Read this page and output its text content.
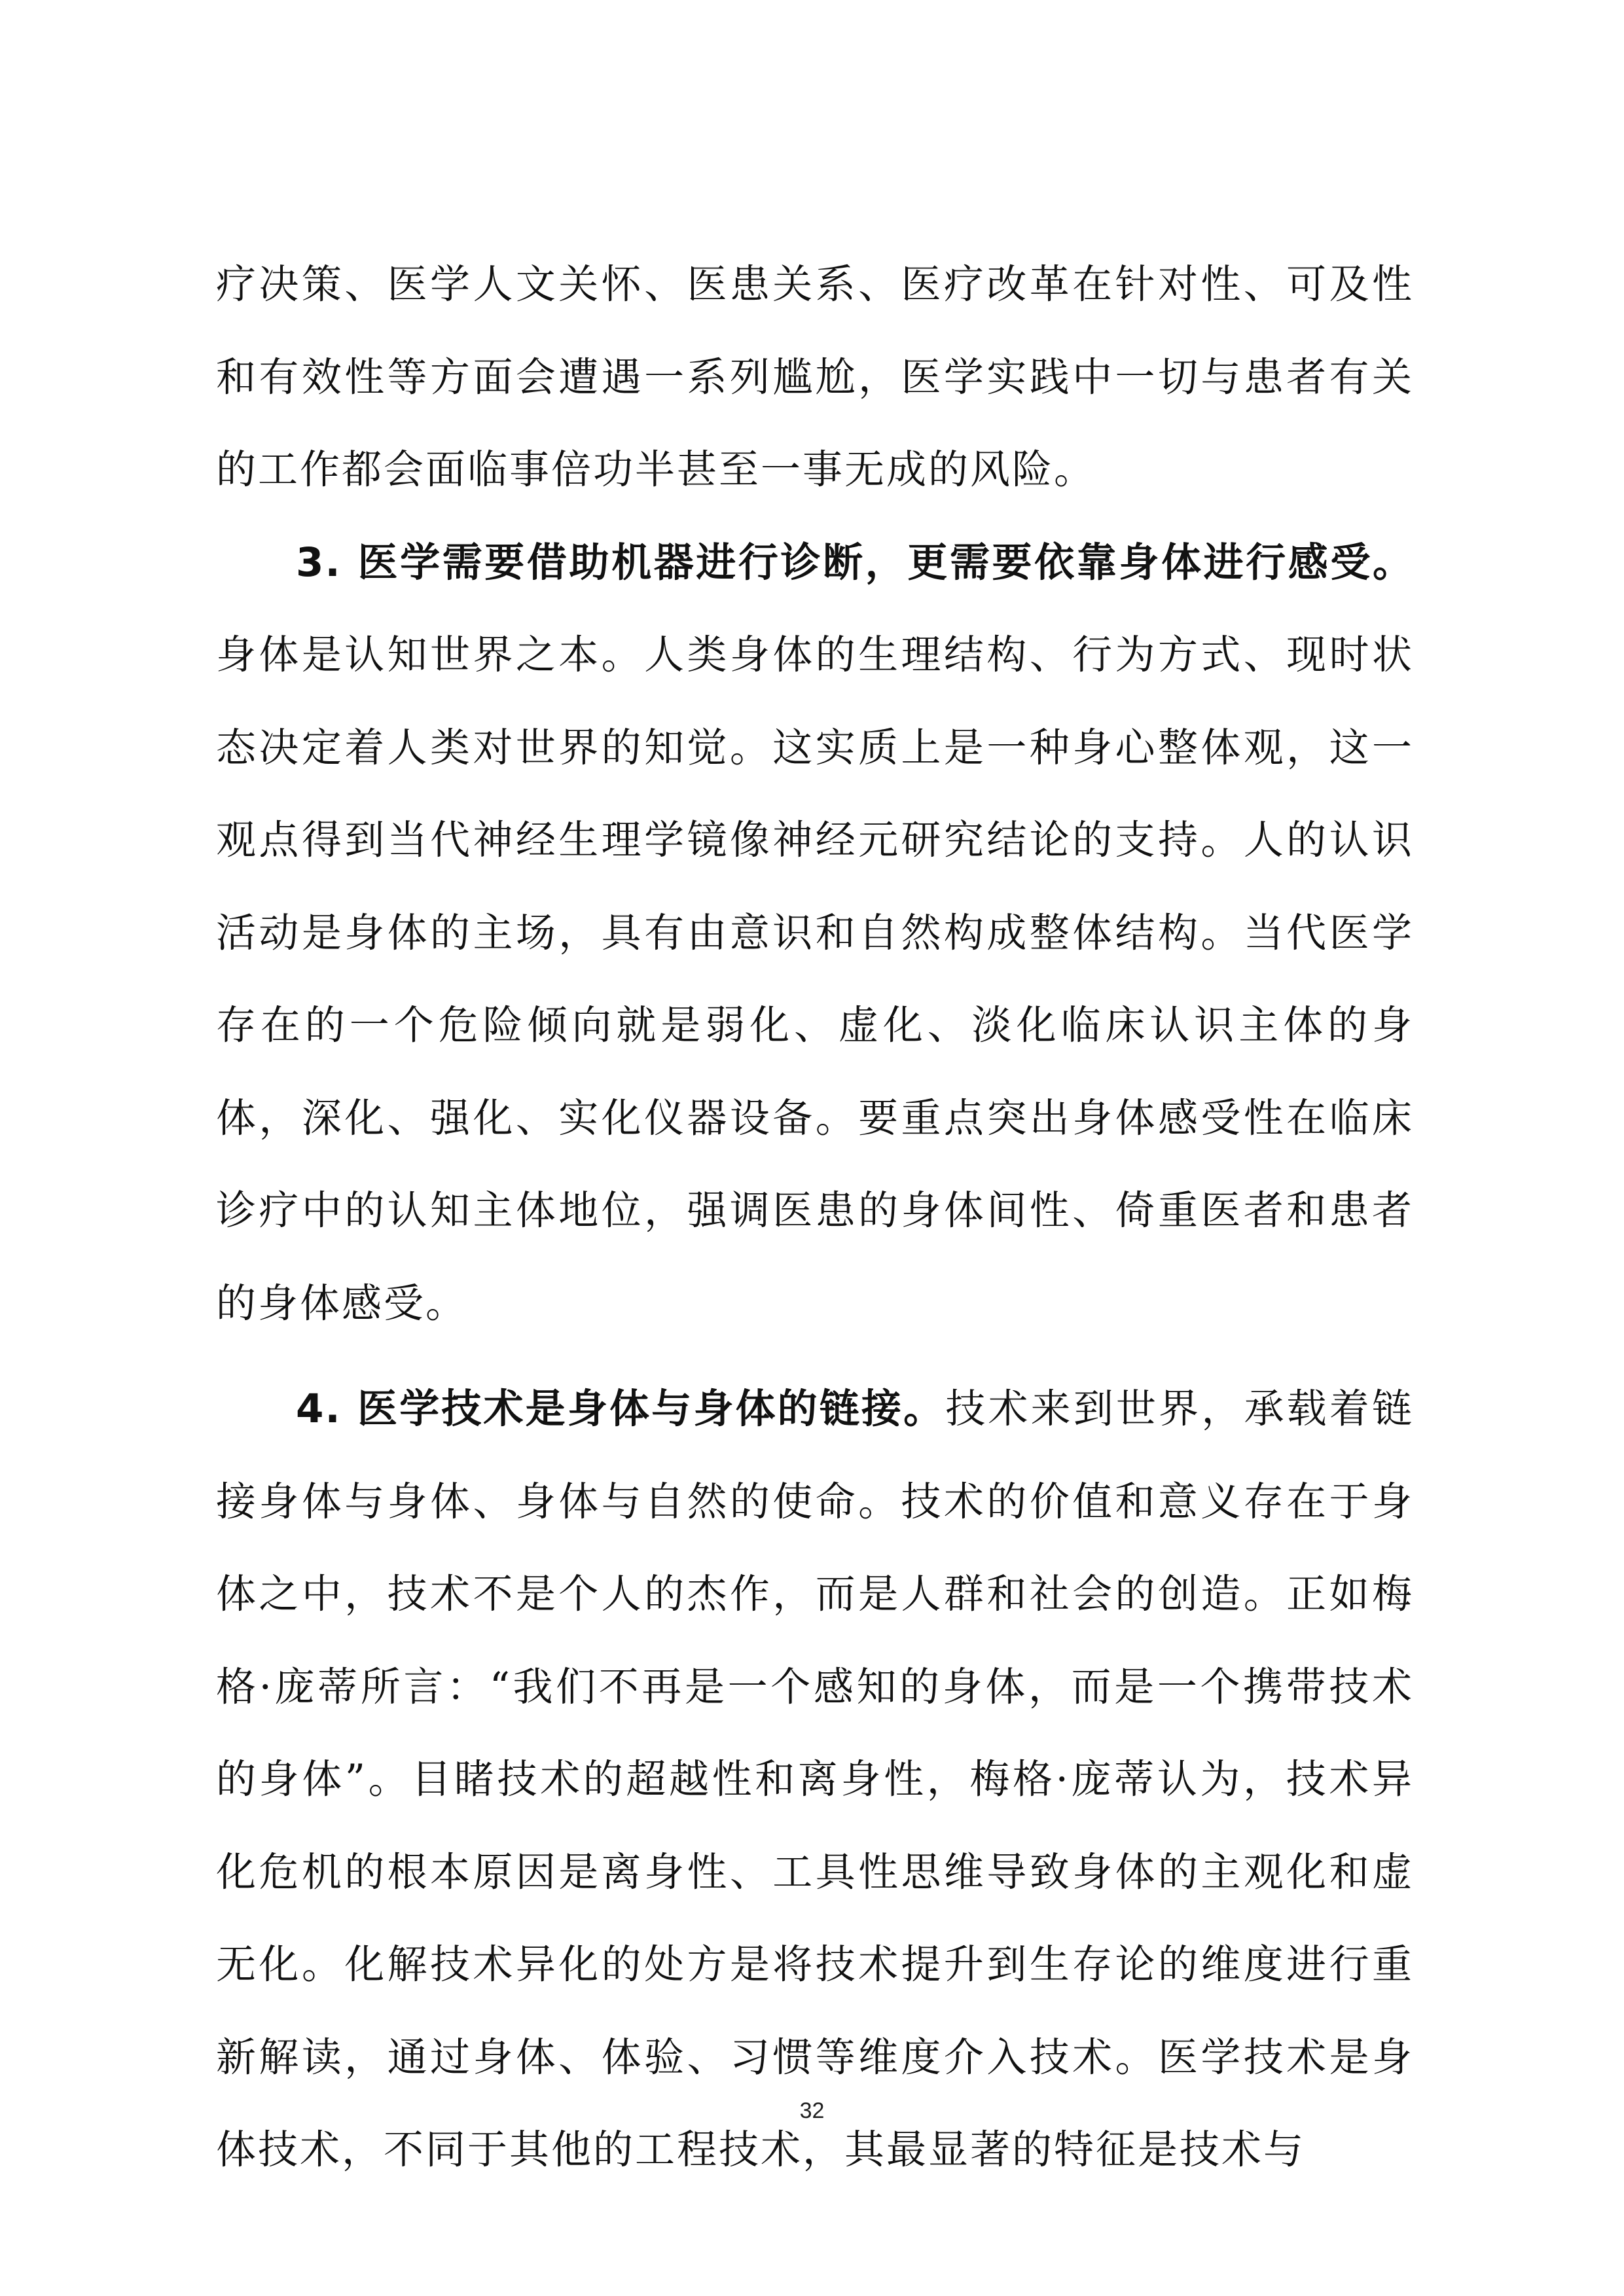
疗决策、医学人文关怀、医患关系、医疗改革在针对性、可及性和有效性等方面会遭遇一系列尴尬，医学实践中一切与患者有关的工作都会面临事倍功半甚至一事无成的风险。

3. 医学需要借助机器进行诊断，更需要依靠身体进行感受。身体是认知世界之本。人类身体的生理结构、行为方式、现时状态决定着人类对世界的知觉。这实质上是一种身心整体观，这一观点得到当代神经生理学镜像神经元研究结论的支持。人的认识活动是身体的主场，具有由意识和自然构成整体结构。当代医学存在的一个危险倾向就是弱化、虚化、淡化临床认识主体的身体，深化、强化、实化仪器设备。要重点突出身体感受性在临床诊疗中的认知主体地位，强调医患的身体间性、倚重医者和患者的身体感受。

4. 医学技术是身体与身体的链接。技术来到世界，承载着链接身体与身体、身体与自然的使命。技术的价值和意义存在于身体之中，技术不是个人的杰作，而是人群和社会的创造。正如梅格·庞蒂所言：“我们不再是一个感知的身体，而是一个携带技术的身体”。目睹技术的超越性和离身性，梅格·庞蒂认为，技术异化危机的根本原因是离身性、工具性思维导致身体的主观化和虚无化。化解技术异化的处方是将技术提升到生存论的维度进行重新解读，通过身体、体验、习惯等维度介入技术。医学技术是身体技术，不同于其他的工程技术，其最显著的特征是技术与

32
